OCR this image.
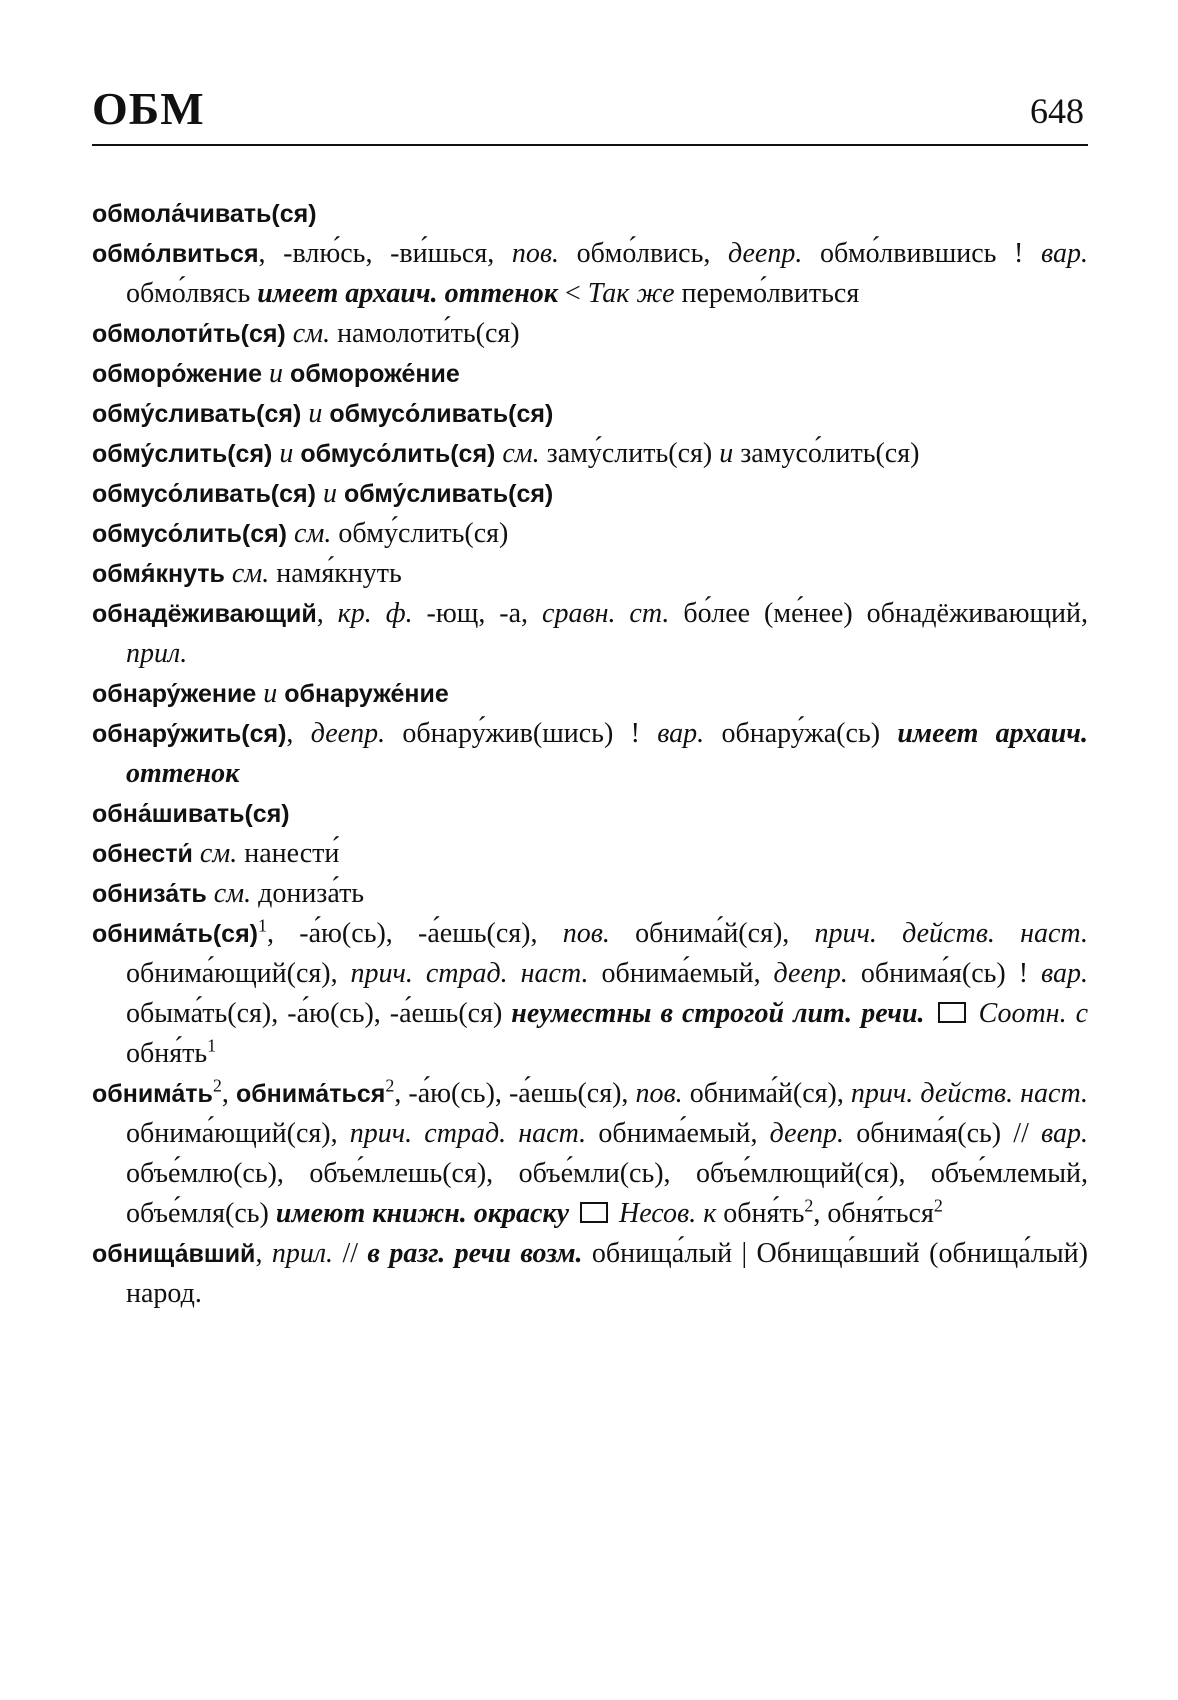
ОБМ	648

обмола́чивать(ся)

обмо́лвиться, -влю́сь, -ви́шься, пов. обмо́лвись, деепр. обмо́лвившись ! вар. обмо́лвясь имеет архаич. оттенок < Так же перемо́лвиться

обмолоти́ть(ся) см. намолоти́ть(ся)

обморо́жение и обмороже́ние

обму́сливать(ся) и обмусо́ливать(ся)

обму́слить(ся) и обмусо́лить(ся) см. заму́слить(ся) и замусо́лить(ся)

обмусо́ливать(ся) и обму́сливать(ся)

обмусо́лить(ся) см. обму́слить(ся)

обмя́кнуть см. намя́кнуть

обнадёживающий, кр. ф. -ющ, -а, сравн. ст. бо́лее (ме́нее) обнадёживающий, прил.

обнару́жение и обнаруже́ние

обнару́жить(ся), деепр. обнару́жив(шись) ! вар. обнару́жа(сь) имеет архаич. оттенок

обна́шивать(ся)

обнести́ см. нанести́

обниза́ть см. дониза́ть

обнима́ть(ся)$^1$, -а́ю(сь), -а́ешь(ся), пов. обнима́й(ся), прич. действ. наст. обнима́ющий(ся), прич. страд. наст. обнима́емый, деепр. обнима́я(сь) ! вар. обыма́ть(ся), -а́ю(сь), -а́ешь(ся) неуместны в строгой лит. речи. Соотн. с $обня́ть^1$

$обнима́ть^2$, обнима́ться$^2$, -а́ю(сь), -а́ешь(ся), пов. обнима́й(ся), прич. действ. наст. обнима́ющий(ся), прич. страд. наст. обнима́емый, деепр. обнима́я(сь) // вар. объе́млю(сь), объе́млешь(ся), объе́мли(сь), объе́млющий(ся), объе́млемый, объе́мля(сь) имеют книжн. окраску Несов. к $обня́ть^2$, обня́ться$^2$

обнища́вший, прил. // в разг. речи возм. обнища́лый | Обнища́вший (обнища́лый) народ.
